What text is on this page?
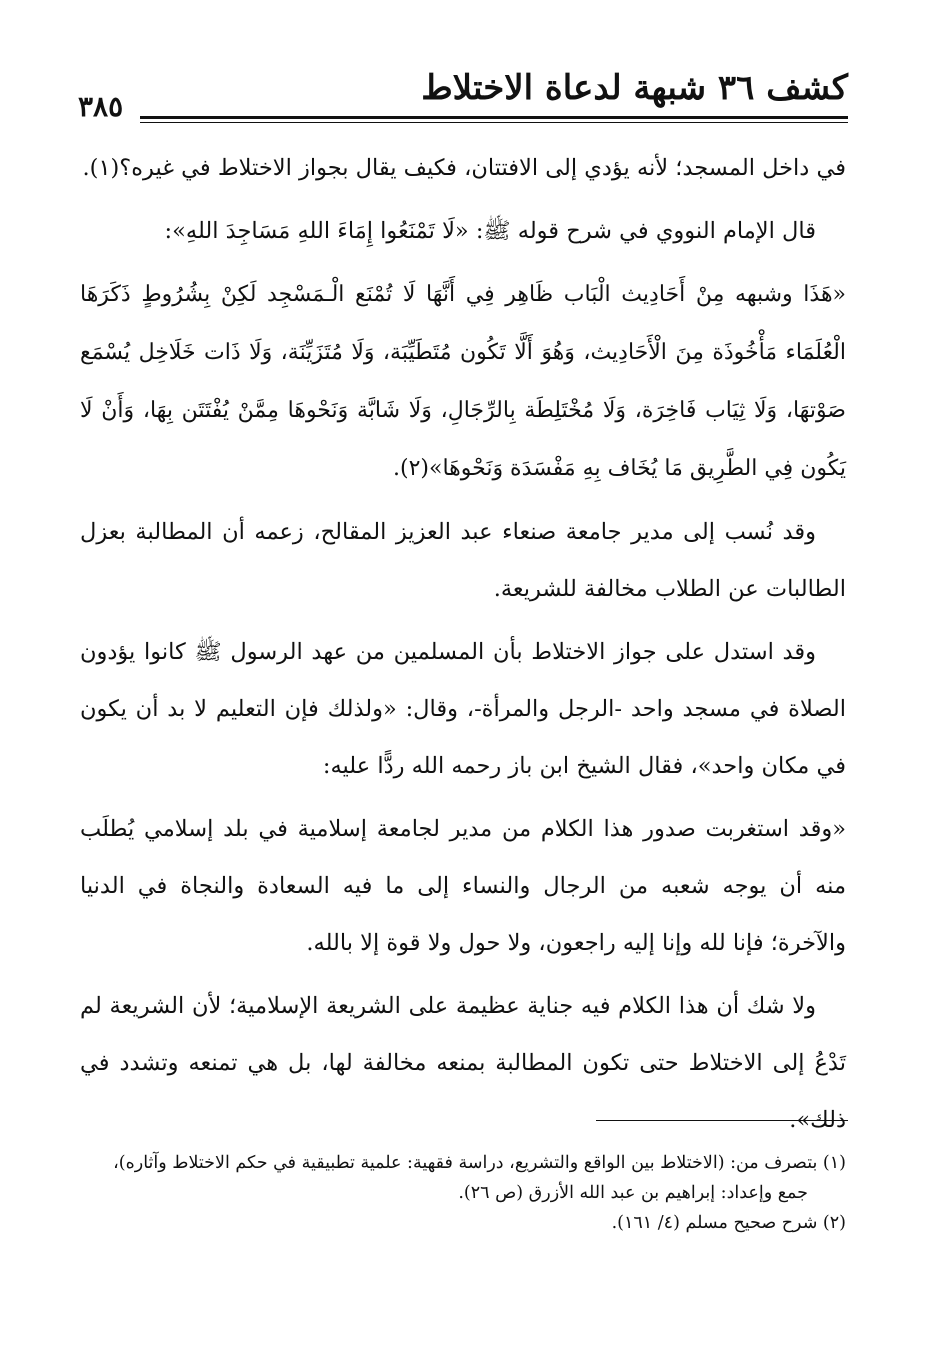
كشف ٣٦ شبهة لدعاة الاختلاط
٣٨٥

في داخل المسجد؛ لأنه يؤدي إلى الافتتان، فكيف يقال بجواز الاختلاط في غيره؟(١).

قال الإمام النووي في شرح قوله ﷺ: «لَا تَمْنَعُوا إِمَاءَ اللهِ مَسَاجِدَ اللهِ»:

«هَذَا وشبهه مِنْ أَحَادِيث الْبَاب ظَاهِر فِي أَنَّهَا لَا تُمْنَع الْـمَسْجِد لَكِنْ بِشُرُوطٍ ذَكَرَهَا الْعُلَمَاء مَأْخُوذَة مِنَ الْأَحَادِيث، وَهُوَ أَلَّا تَكُون مُتَطَيِّبَة، وَلَا مُتَزَيِّنَة، وَلَا ذَات خَلَاخِل يُسْمَع صَوْتهَا، وَلَا ثِيَاب فَاخِرَة، وَلَا مُخْتَلِطَة بِالرِّجَالِ، وَلَا شَابَّة وَنَحْوهَا مِمَّنْ يُفْتَتَن بِهَا، وَأَنْ لَا يَكُون فِي الطَّرِيق مَا يُخَاف بِهِ مَفْسَدَة وَنَحْوهَا»(٢).

وقد نُسب إلى مدير جامعة صنعاء عبد العزيز المقالح، زعمه أن المطالبة بعزل الطالبات عن الطلاب مخالفة للشريعة.

وقد استدل على جواز الاختلاط بأن المسلمين من عهد الرسول ﷺ كانوا يؤدون الصلاة في مسجد واحد -الرجل والمرأة-، وقال: «ولذلك فإن التعليم لا بد أن يكون في مكان واحد»، فقال الشيخ ابن باز رحمه الله ردًّا عليه:

«وقد استغربت صدور هذا الكلام من مدير لجامعة إسلامية في بلد إسلامي يُطلَب منه أن يوجه شعبه من الرجال والنساء إلى ما فيه السعادة والنجاة في الدنيا والآخرة؛ فإنا لله وإنا إليه راجعون، ولا حول ولا قوة إلا بالله.

ولا شك أن هذا الكلام فيه جناية عظيمة على الشريعة الإسلامية؛ لأن الشريعة لم تَدْعُ إلى الاختلاط حتى تكون المطالبة بمنعه مخالفة لها، بل هي تمنعه وتشدد في ذلك».

(١) بتصرف من: (الاختلاط بين الواقع والتشريع، دراسة فقهية: علمية تطبيقية في حكم الاختلاط وآثاره)،

جمع وإعداد: إبراهيم بن عبد الله الأزرق (ص ٢٦).

(٢) شرح صحيح مسلم (٤/ ١٦١).
